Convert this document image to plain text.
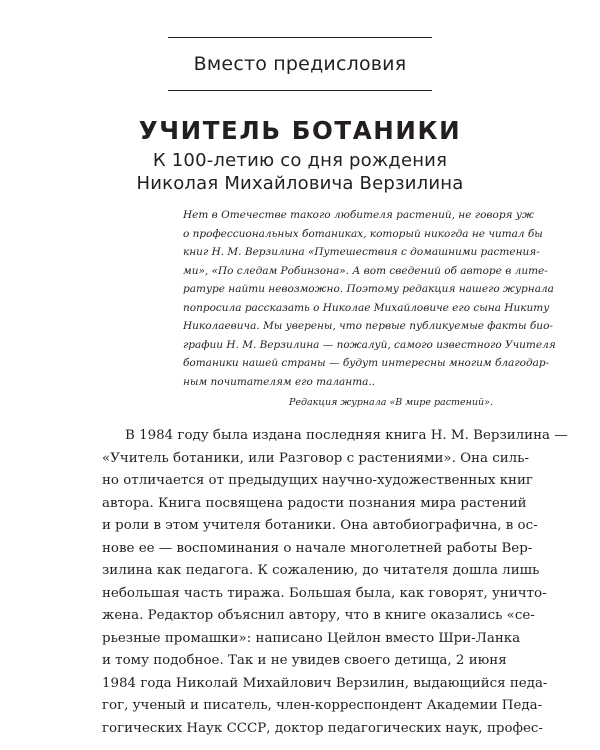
Вместо предисловия
УЧИТЕЛЬ БОТАНИКИ
К 100-летию со дня рождения
Николая Михайловича Верзилина
Нет в Отечестве такого любителя растений, не говоря уж
о профессиональных ботаниках, который никогда не читал бы
книг Н. М. Верзилина «Путешествия с домашними растения-
ми», «По следам Робинзона». А вот сведений об авторе в лите-
ратуре найти невозможно. Поэтому редакция нашего журнала
попросила рассказать о Николае Михайловиче его сына Никиту
Николаевича. Мы уверены, что первые публикуемые факты био-
графии Н. М. Верзилина — пожалуй, самого известного Учителя
ботаники нашей страны — будут интересны многим благодар-
ным почитателям его таланта..
Редакция журнала «В мире растений».
В 1984 году была издана последняя книга Н. М. Верзилина —
«Учитель ботаники, или Разговор с растениями». Она силь-
но отличается от предыдущих научно-художественных книг
автора. Книга посвящена радости познания мира растений
и роли в этом учителя ботаники. Она автобиографична, в ос-
нове ее — воспоминания о начале многолетней работы Вер-
зилина как педагога. К сожалению, до читателя дошла лишь
небольшая часть тиража. Большая была, как говорят, уничто-
жена. Редактор объяснил автору, что в книге оказались «се-
рьезные промашки»: написано Цейлон вместо Шри-Ланка
и тому подобное. Так и не увидев своего детища, 2 июня
1984 года Николай Михайлович Верзилин, выдающийся педа-
гог, ученый и писатель, член-корреспондент Академии Педа-
гогических Наук СССР, доктор педагогических наук, профес-
